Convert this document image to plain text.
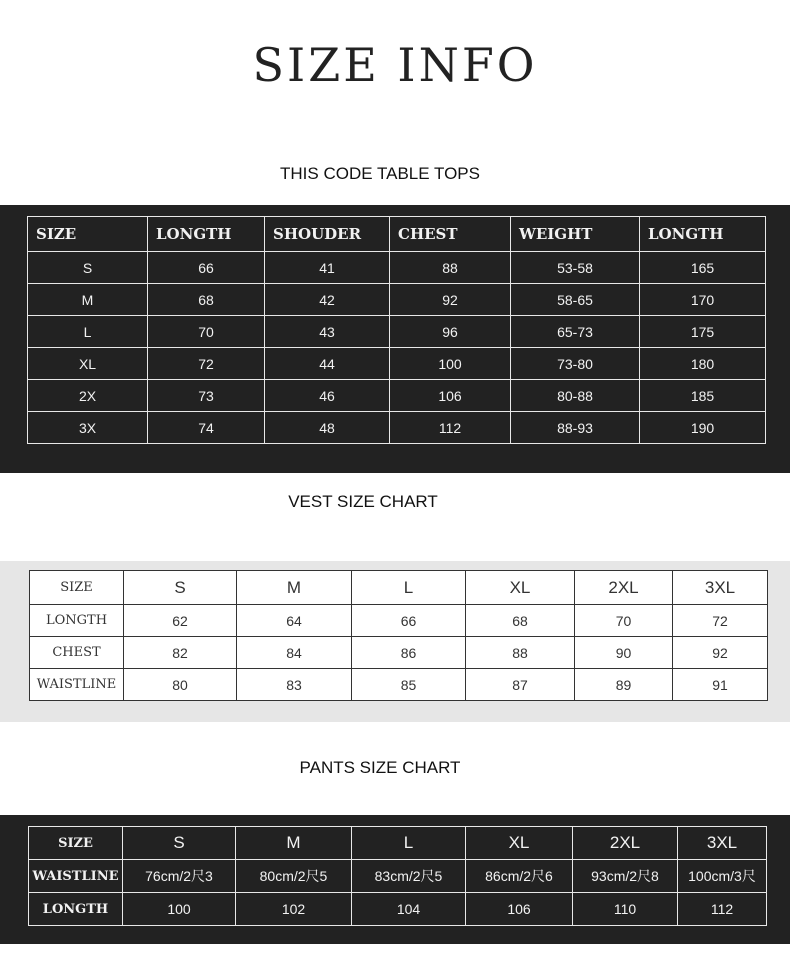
SIZE INFO
THIS CODE TABLE TOPS
SIZE	LONGTH	SHOUDER	CHEST	WEIGHT	LONGTH
S	66	41	88	53-58	165
M	68	42	92	58-65	170
L	70	43	96	65-73	175
XL	72	44	100	73-80	180
2X	73	46	106	80-88	185
3X	74	48	112	88-93	190
VEST SIZE CHART
SIZE	S	M	L	XL	2XL	3XL
LONGTH	62	64	66	68	70	72
CHEST	82	84	86	88	90	92
WAISTLINE	80	83	85	87	89	91
PANTS SIZE CHART
SIZE	S	M	L	XL	2XL	3XL
WAISTLINE	76cm/2尺3	80cm/2尺5	83cm/2尺5	86cm/2尺6	93cm/2尺8	100cm/3尺
LONGTH	100	102	104	106	110	112
